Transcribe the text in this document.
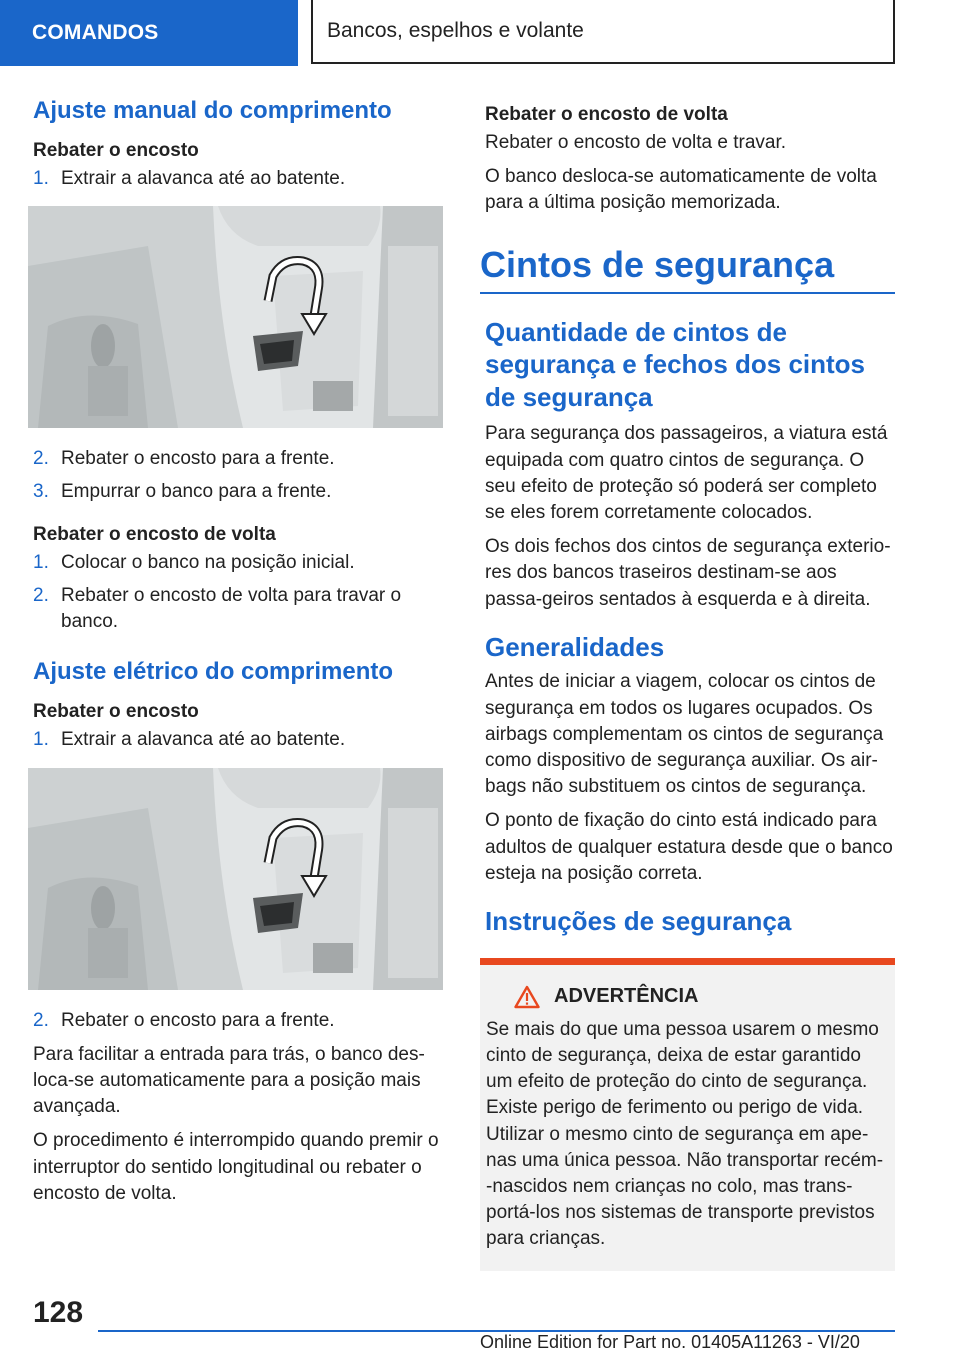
COMANDOS	Bancos, espelhos e volante
Ajuste manual do comprimento
Rebater o encosto
1. Extrair a alavanca até ao batente.
2. Rebater o encosto para a frente.
3. Empurrar o banco para a frente.
Rebater o encosto de volta
1. Colocar o banco na posição inicial.
2. Rebater o encosto de volta para travar o banco.
Ajuste elétrico do comprimento
Rebater o encosto
1. Extrair a alavanca até ao batente.
2. Rebater o encosto para a frente.

Para facilitar a entrada para trás, o banco des-loca-se automaticamente para a posição mais avançada.

O procedimento é interrompido quando premir o interruptor do sentido longitudinal ou rebater o encosto de volta.

Rebater o encosto de volta

Rebater o encosto de volta e travar.

O banco desloca-se automaticamente de volta para a última posição memorizada.

Cintos de segurança
Quantidade de cintos de segurança e fechos dos cintos de segurança

Para segurança dos passageiros, a viatura está equipada com quatro cintos de segurança. O seu efeito de proteção só poderá ser completo se eles forem corretamente colocados.

Os dois fechos dos cintos de segurança exterio-res dos bancos traseiros destinam-se aos passa-geiros sentados à esquerda e à direita.

Generalidades

Antes de iniciar a viagem, colocar os cintos de segurança em todos os lugares ocupados. Os airbags complementam os cintos de segurança como dispositivo de segurança auxiliar. Os air-bags não substituem os cintos de segurança.

O ponto de fixação do cinto está indicado para adultos de qualquer estatura desde que o banco esteja na posição correta.

Instruções de segurança
ADVERTÊNCIA

Se mais do que uma pessoa usarem o mesmo cinto de segurança, deixa de estar garantido um efeito de proteção do cinto de segurança. Existe perigo de ferimento ou perigo de vida. Utilizar o mesmo cinto de segurança em ape-nas uma única pessoa. Não transportar recém--nascidos nem crianças no colo, mas trans-portá-los nos sistemas de transporte previstos para crianças.

128
Online Edition for Part no. 01405A11263 - VI/20
